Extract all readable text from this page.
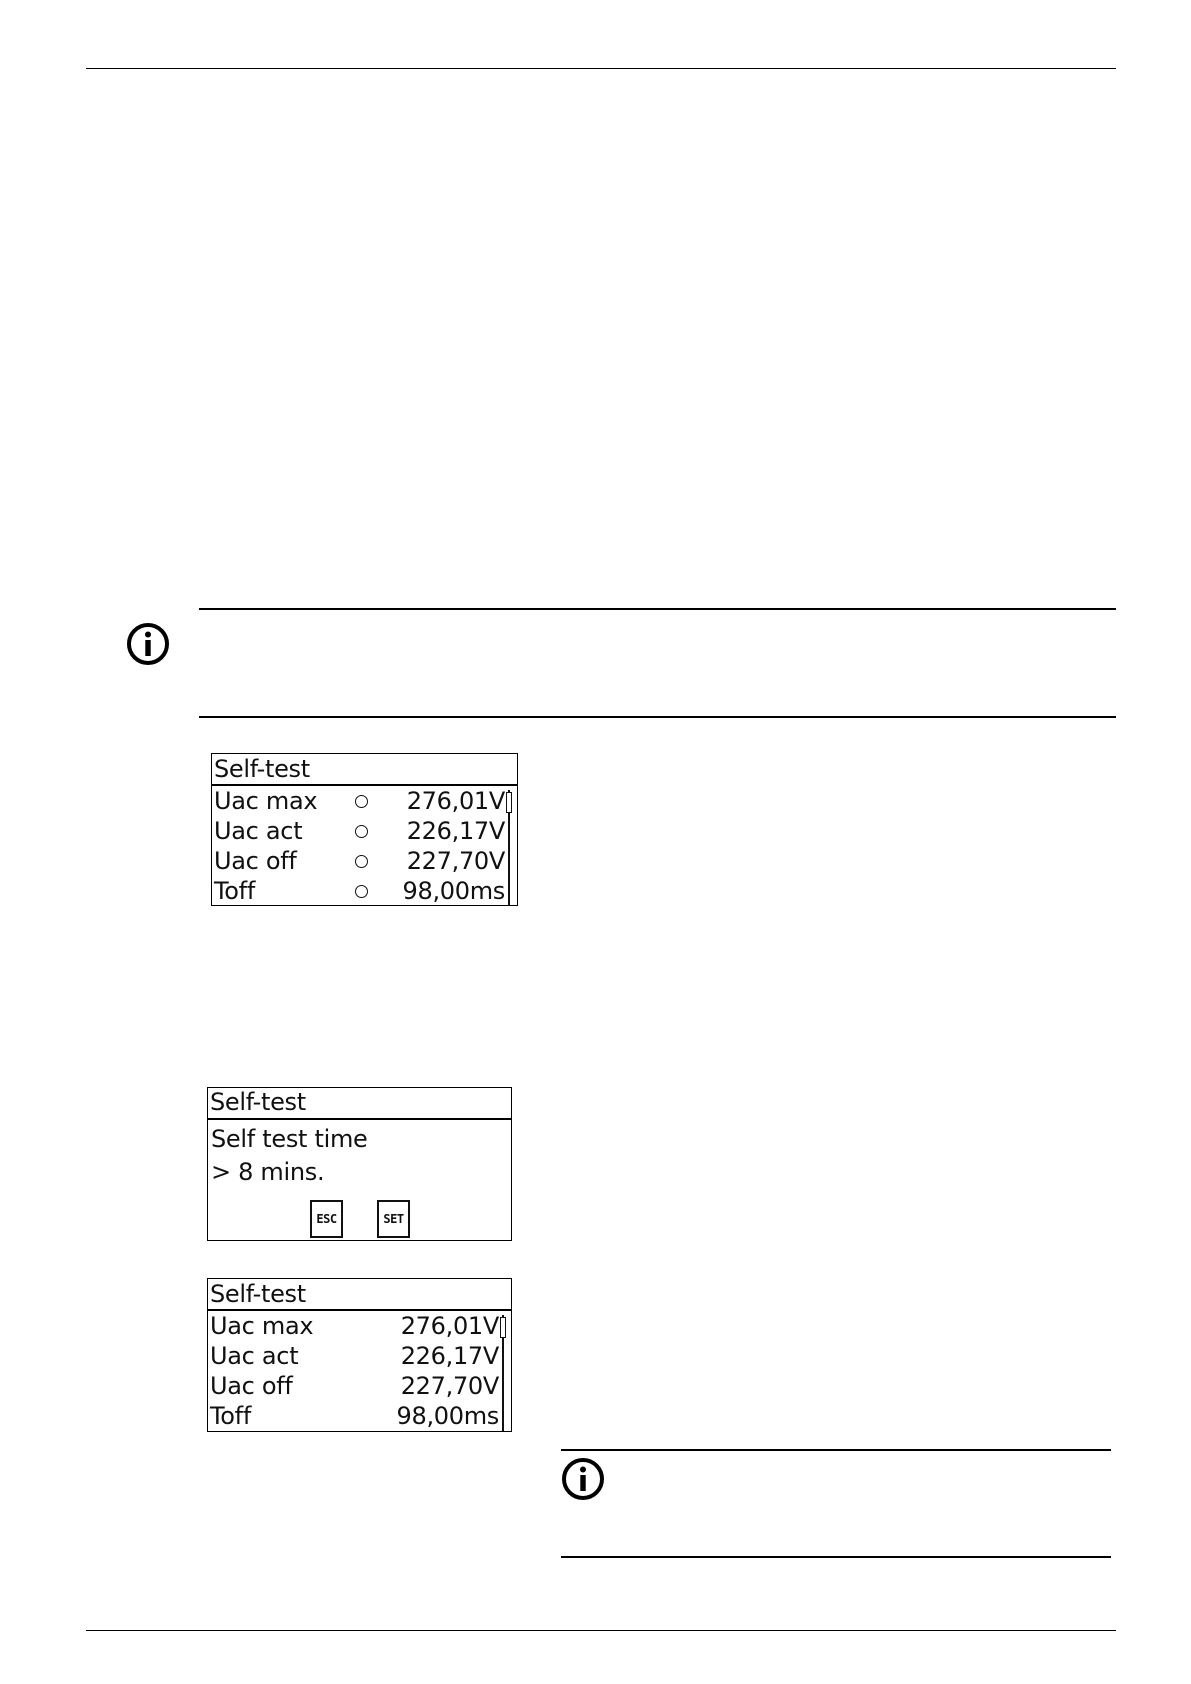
Self-test
Uac max	276,01V
Uac act	226,17V
Uac off	227,70V
Toff	98,00ms
Self-test
Self test time
> 8 mins.
ESC	SET
Self-test
Uac max	276,01V
Uac act	226,17V
Uac off	227,70V
Toff	98,00ms
